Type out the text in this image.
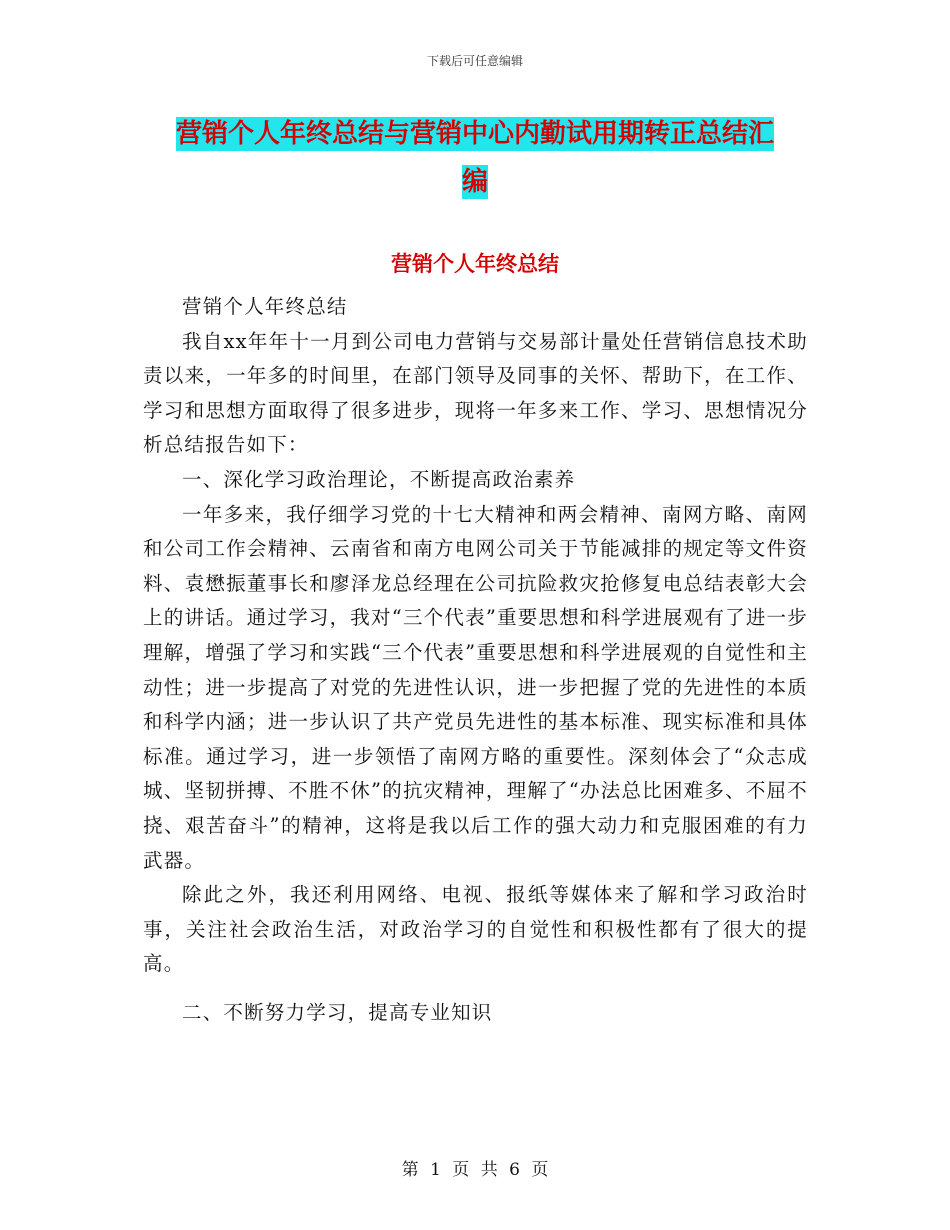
下载后可任意编辑
营销个人年终总结与营销中心内勤试用期转正总结汇
编
营销个人年终总结

营销个人年终总结

我自xx年年十一月到公司电力营销与交易部计量处任营销信息技术助责以来，一年多的时间里，在部门领导及同事的关怀、帮助下，在工作、学习和思想方面取得了很多进步，现将一年多来工作、学习、思想情况分析总结报告如下：

一、深化学习政治理论，不断提高政治素养

一年多来，我仔细学习党的十七大精神和两会精神、南网方略、南网和公司工作会精神、云南省和南方电网公司关于节能减排的规定等文件资料、袁懋振董事长和廖泽龙总经理在公司抗险救灾抢修复电总结表彰大会上的讲话。通过学习，我对“三个代表”重要思想和科学进展观有了进一步理解，增强了学习和实践“三个代表”重要思想和科学进展观的自觉性和主动性；进一步提高了对党的先进性认识，进一步把握了党的先进性的本质和科学内涵；进一步认识了共产党员先进性的基本标准、现实标准和具体标准。通过学习，进一步领悟了南网方略的重要性。深刻体会了“众志成城、坚韧拼搏、不胜不休”的抗灾精神，理解了“办法总比困难多、不屈不挠、艰苦奋斗”的精神，这将是我以后工作的强大动力和克服困难的有力武器。

除此之外，我还利用网络、电视、报纸等媒体来了解和学习政治时事，关注社会政治生活，对政治学习的自觉性和积极性都有了很大的提高。

二、不断努力学习，提高专业知识

第 1 页 共 6 页
